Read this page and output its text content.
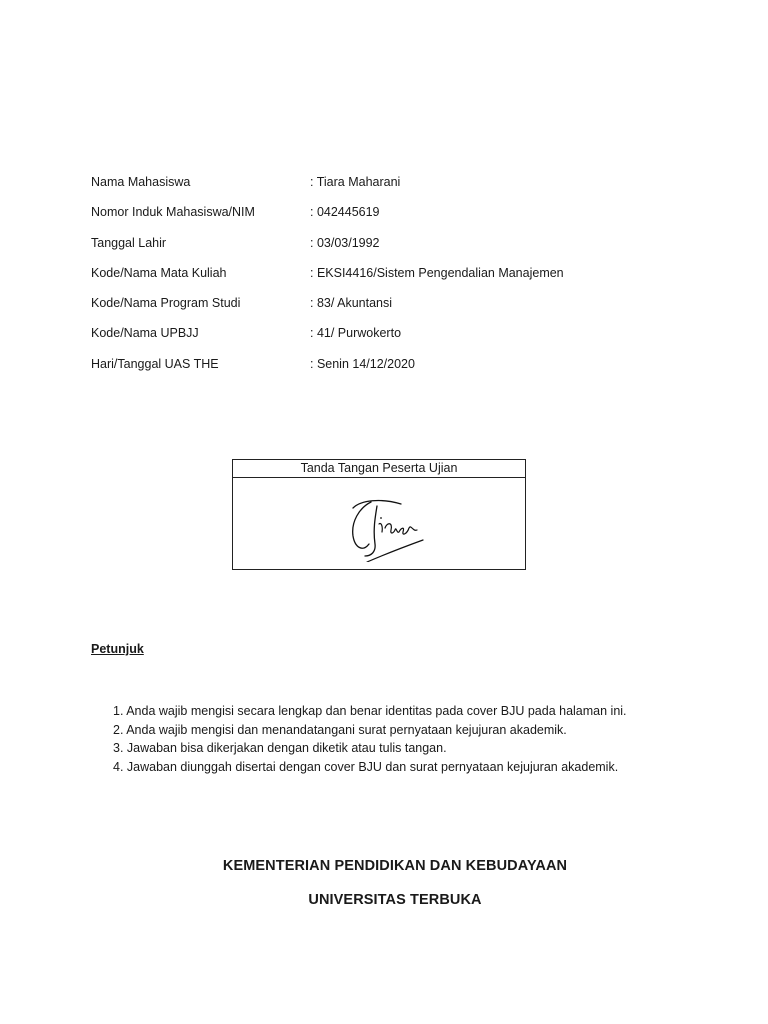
Nama Mahasiswa	: Tiara Maharani
Nomor Induk Mahasiswa/NIM	: 042445619
Tanggal Lahir	: 03/03/1992
Kode/Nama Mata Kuliah	: EKSI4416/Sistem Pengendalian Manajemen
Kode/Nama Program Studi	: 83/ Akuntansi
Kode/Nama UPBJJ	: 41/ Purwokerto
Hari/Tanggal UAS THE	: Senin 14/12/2020
Tanda Tangan Peserta Ujian
Petunjuk
1. Anda wajib mengisi secara lengkap dan benar identitas pada cover BJU pada halaman ini.
2. Anda wajib mengisi dan menandatangani surat pernyataan kejujuran akademik.
3. Jawaban bisa dikerjakan dengan diketik atau tulis tangan.
4. Jawaban diunggah disertai dengan cover BJU dan surat pernyataan kejujuran akademik.
KEMENTERIAN PENDIDIKAN DAN KEBUDAYAAN
UNIVERSITAS TERBUKA
